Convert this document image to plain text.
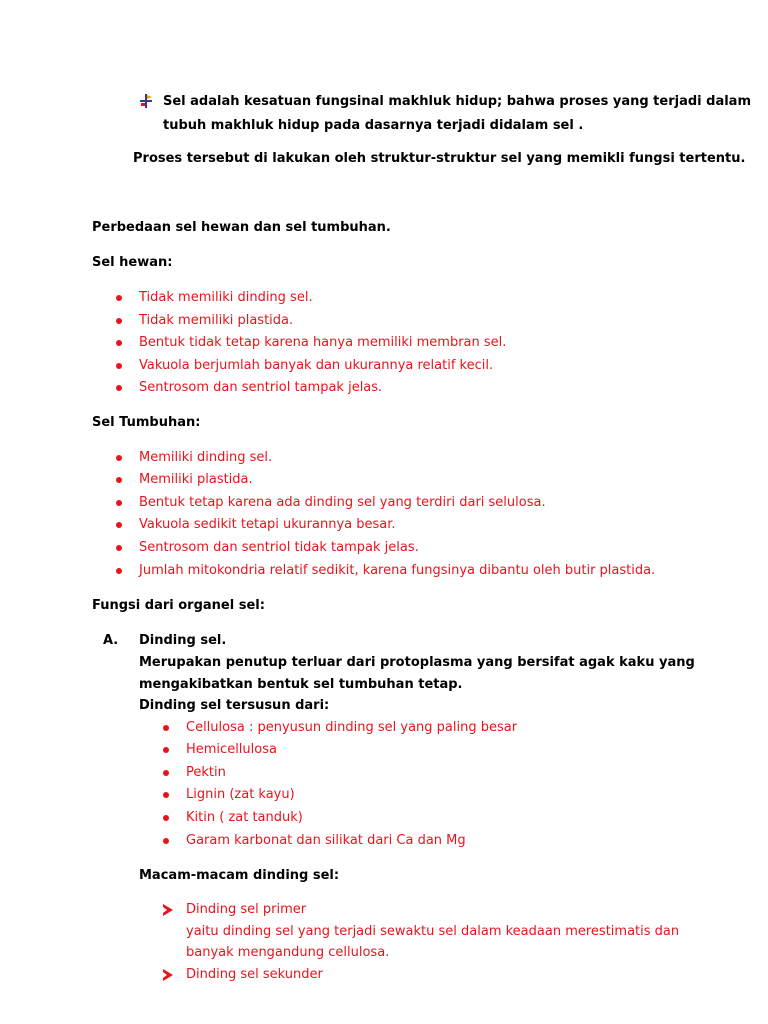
Sel adalah kesatuan fungsinal makhluk hidup; bahwa proses yang terjadi dalam
tubuh makhluk hidup pada dasarnya terjadi didalam sel .
Proses tersebut di lakukan oleh struktur-struktur sel yang memikli fungsi tertentu.
Perbedaan sel hewan dan sel tumbuhan.
Sel hewan:
Tidak memiliki dinding sel.
Tidak memiliki plastida.
Bentuk tidak tetap karena hanya memiliki membran sel.
Vakuola berjumlah banyak dan ukurannya relatif kecil.
Sentrosom dan sentriol tampak jelas.
Sel Tumbuhan:
Memiliki dinding sel.
Memiliki plastida.
Bentuk tetap karena ada dinding sel yang terdiri dari selulosa.
Vakuola sedikit tetapi ukurannya besar.
Sentrosom dan sentriol tidak tampak jelas.
Jumlah mitokondria relatif sedikit, karena fungsinya dibantu oleh butir plastida.
Fungsi dari organel sel:
A. Dinding sel.
Merupakan penutup terluar dari protoplasma yang bersifat agak kaku yang
mengakibatkan bentuk sel tumbuhan tetap.
Dinding sel tersusun dari:
Cellulosa : penyusun dinding sel yang paling besar
Hemicellulosa
Pektin
Lignin (zat kayu)
Kitin ( zat tanduk)
Garam karbonat dan silikat dari Ca dan Mg
Macam-macam dinding sel:
Dinding sel primer
yaitu dinding sel yang terjadi sewaktu sel dalam keadaan merestimatis dan
banyak mengandung cellulosa.
Dinding sel sekunder
